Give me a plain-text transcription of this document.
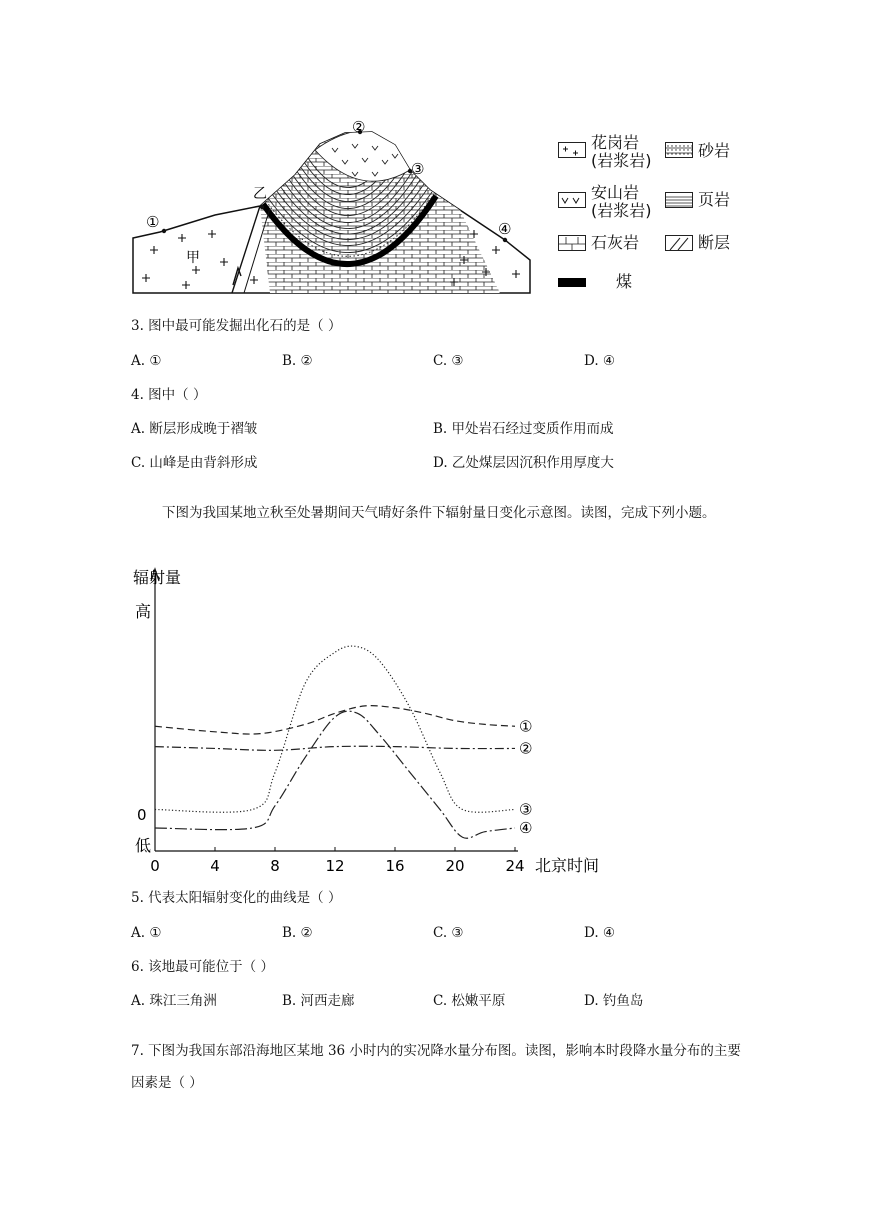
①
②
③
④
甲
乙
花岗岩
(岩浆岩)
砂岩
安山岩
(岩浆岩)
页岩
石灰岩	断层
煤
3. 图中最可能发掘出化石的是（ ）
A. ①	B. ②	C. ③	D. ④
4. 图中（ ）
A. 断层形成晚于褶皱	B. 甲处岩石经过变质作用而成
C. 山峰是由背斜形成	D. 乙处煤层因沉积作用厚度大
下图为我国某地立秋至处暑期间天气晴好条件下辐射量日变化示意图。读图，完成下列小题。
辐射量
高
0
低
北京时间
0	4	8	12	16	20	24
①
②
③
④
5. 代表太阳辐射变化的曲线是（ ）
A. ①	B. ②	C. ③	D. ④
6. 该地最可能位于（ ）
A. 珠江三角洲	B. 河西走廊	C. 松嫩平原	D. 钓鱼岛
7. 下图为我国东部沿海地区某地 36 小时内的实况降水量分布图。读图，影响本时段降水量分布的主要因素是（ ）
